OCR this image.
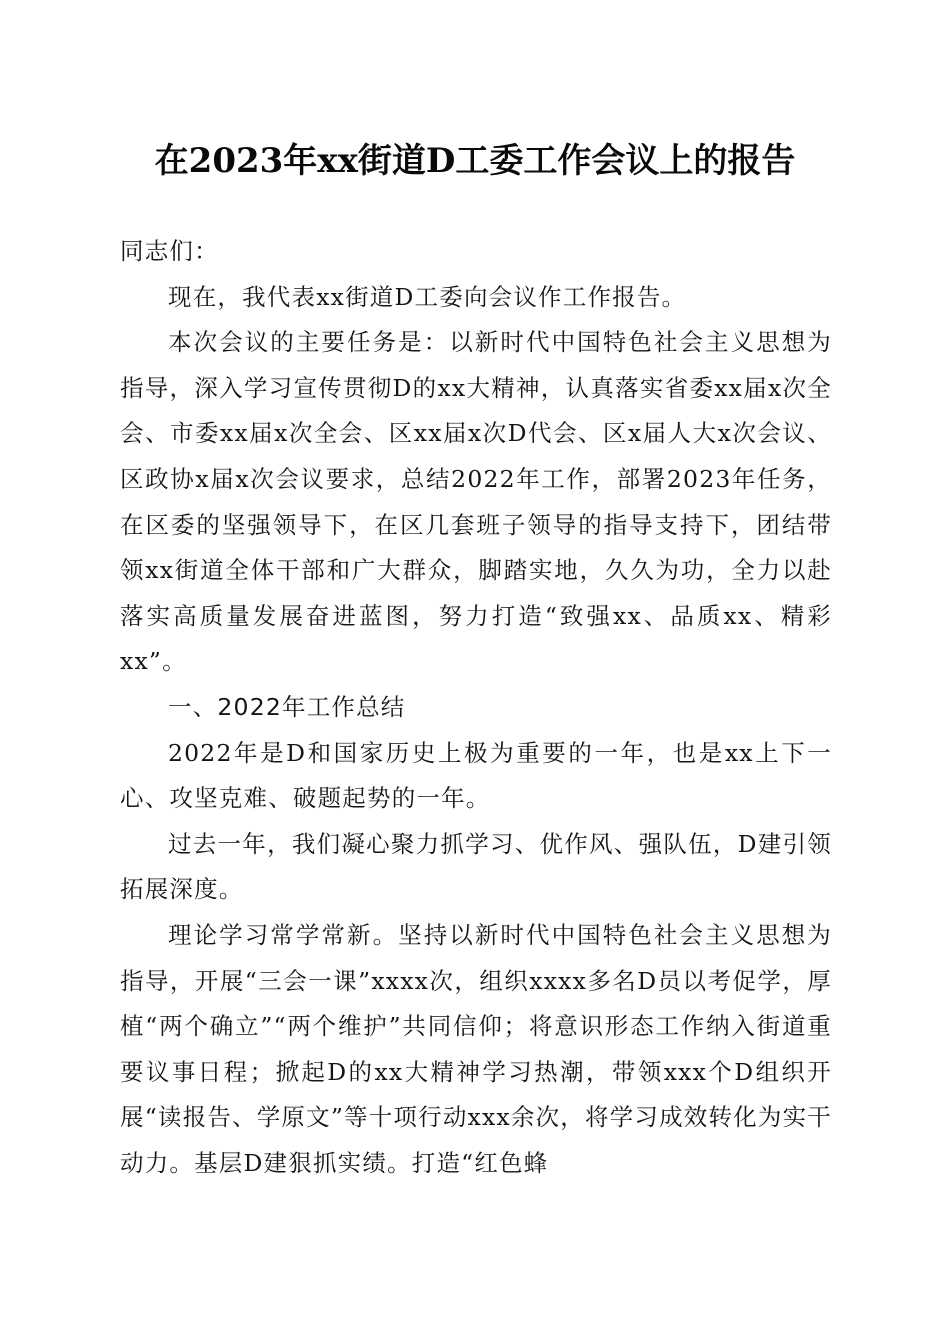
在2023年xx街道D工委工作会议上的报告

同志们：

现在，我代表xx街道D工委向会议作工作报告。

本次会议的主要任务是：以新时代中国特色社会主义思想为指导，深入学习宣传贯彻D的xx大精神，认真落实省委xx届x次全会、市委xx届x次全会、区xx届x次D代会、区x届人大x次会议、区政协x届x次会议要求，总结2022年工作，部署2023年任务，在区委的坚强领导下，在区几套班子领导的指导支持下，团结带领xx街道全体干部和广大群众，脚踏实地，久久为功，全力以赴落实高质量发展奋进蓝图，努力打造“致强xx、品质xx、精彩xx”。

一、2022年工作总结

2022年是D和国家历史上极为重要的一年，也是xx上下一心、攻坚克难、破题起势的一年。

过去一年，我们凝心聚力抓学习、优作风、强队伍，D建引领拓展深度。

理论学习常学常新。坚持以新时代中国特色社会主义思想为指导，开展“三会一课”xxxx次，组织xxxx多名D员以考促学，厚植“两个确立”“两个维护”共同信仰；将意识形态工作纳入街道重要议事日程；掀起D的xx大精神学习热潮，带领xxx个D组织开展“读报告、学原文”等十项行动xxx余次，将学习成效转化为实干动力。基层D建狠抓实绩。打造“红色蜂
